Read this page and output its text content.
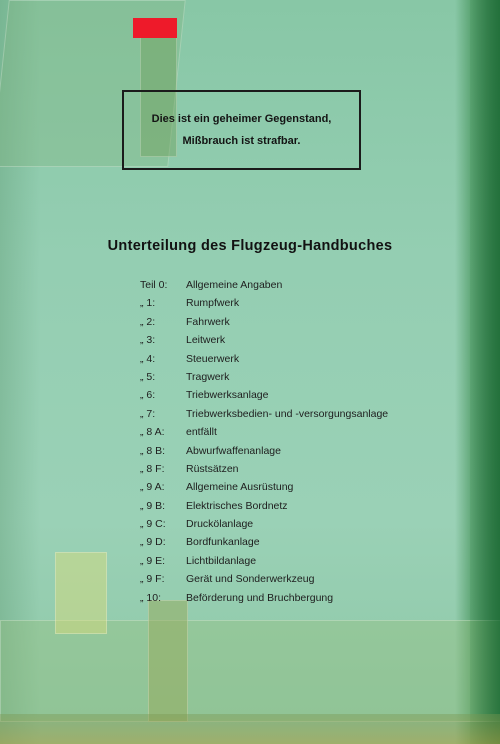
Dies ist ein geheimer Gegenstand,
Mißbrauch ist strafbar.
Unterteilung des Flugzeug-Handbuches
Teil 0: Allgemeine Angaben
„ 1:	Rumpfwerk
„ 2:	Fahrwerk
„ 3:	Leitwerk
„ 4:	Steuerwerk
„ 5:	Tragwerk
„ 6:	Triebwerksanlage
„ 7:	Triebwerksbedien- und -versorgungsanlage
„ 8 A: entfällt
„ 8 B: Abwurfwaffenanlage
„ 8 F: Rüstsätzen
„ 9 A: Allgemeine Ausrüstung
„ 9 B: Elektrisches Bordnetz
„ 9 C: Druckölanlage
„ 9 D: Bordfunkanlage
„ 9 E: Lichtbildanlage
„ 9 F: Gerät und Sonderwerkzeug
„ 10: Beförderung und Bruchbergung
